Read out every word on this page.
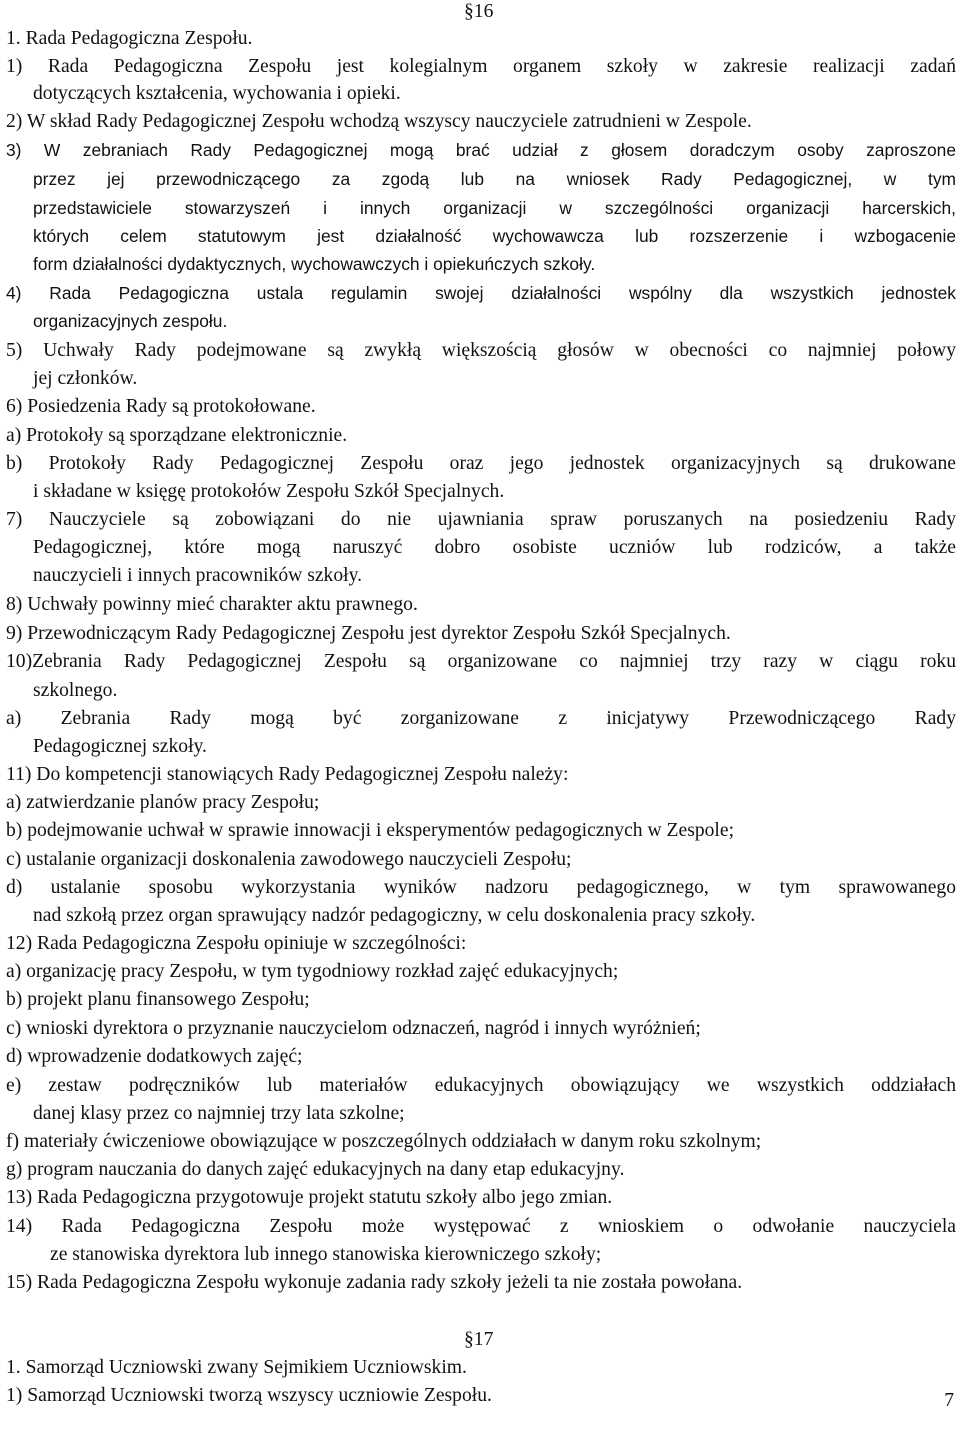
§16
1. Rada Pedagogiczna Zespołu.
1) Rada Pedagogiczna Zespołu jest kolegialnym organem szkoły w zakresie realizacji zadań
dotyczących kształcenia, wychowania i opieki.
2) W skład Rady Pedagogicznej Zespołu wchodzą wszyscy nauczyciele zatrudnieni w Zespole.
3) W zebraniach Rady Pedagogicznej mogą brać udział z głosem doradczym osoby zaproszone
przez jej przewodniczącego za zgodą lub na wniosek Rady Pedagogicznej, w tym
przedstawiciele stowarzyszeń i innych organizacji w szczególności organizacji harcerskich,
których celem statutowym jest działalność wychowawcza lub rozszerzenie i wzbogacenie
form działalności dydaktycznych, wychowawczych i opiekuńczych szkoły.
4) Rada Pedagogiczna ustala regulamin swojej działalności wspólny dla wszystkich jednostek
organizacyjnych zespołu.
5) Uchwały Rady podejmowane są zwykłą większością głosów w obecności co najmniej połowy
jej członków.
6) Posiedzenia Rady są protokołowane.
a) Protokoły są sporządzane elektronicznie.
b) Protokoły Rady Pedagogicznej Zespołu oraz jego jednostek organizacyjnych są drukowane
i składane w księgę protokołów Zespołu Szkół Specjalnych.
7) Nauczyciele są zobowiązani do nie ujawniania spraw poruszanych na posiedzeniu Rady
Pedagogicznej, które mogą naruszyć dobro osobiste uczniów lub rodziców, a także
nauczycieli i innych pracowników szkoły.
8) Uchwały powinny mieć charakter aktu prawnego.
9) Przewodniczącym Rady Pedagogicznej Zespołu jest dyrektor Zespołu Szkół Specjalnych.
10)Zebrania Rady Pedagogicznej Zespołu są organizowane co najmniej trzy razy w ciągu roku
szkolnego.
a) Zebrania Rady mogą być zorganizowane z inicjatywy Przewodniczącego Rady
Pedagogicznej szkoły.
11) Do kompetencji stanowiących Rady Pedagogicznej Zespołu należy:
a) zatwierdzanie planów pracy Zespołu;
b) podejmowanie uchwał w sprawie innowacji i eksperymentów pedagogicznych w Zespole;
c) ustalanie organizacji doskonalenia zawodowego nauczycieli Zespołu;
d) ustalanie sposobu wykorzystania wyników nadzoru pedagogicznego, w tym sprawowanego
nad szkołą przez organ sprawujący nadzór pedagogiczny, w celu doskonalenia pracy szkoły.
12) Rada Pedagogiczna Zespołu opiniuje w szczególności:
a) organizację pracy Zespołu, w tym tygodniowy rozkład zajęć edukacyjnych;
b) projekt planu finansowego Zespołu;
c) wnioski dyrektora o przyznanie nauczycielom odznaczeń, nagród i innych wyróżnień;
d) wprowadzenie dodatkowych zajęć;
e) zestaw podręczników lub materiałów edukacyjnych obowiązujący we wszystkich oddziałach
danej klasy przez co najmniej trzy lata szkolne;
f) materiały ćwiczeniowe obowiązujące w poszczególnych oddziałach w danym roku szkolnym;
g) program nauczania do danych zajęć edukacyjnych na dany etap edukacyjny.
13) Rada Pedagogiczna przygotowuje projekt statutu szkoły albo jego zmian.
14) Rada Pedagogiczna Zespołu może występować z wnioskiem o odwołanie nauczyciela
ze stanowiska dyrektora lub innego stanowiska kierowniczego szkoły;
15) Rada Pedagogiczna Zespołu wykonuje zadania rady szkoły jeżeli ta nie została powołana.
§17
1. Samorząd Uczniowski zwany Sejmikiem Uczniowskim.
1) Samorząd Uczniowski tworzą wszyscy uczniowie Zespołu.	7
